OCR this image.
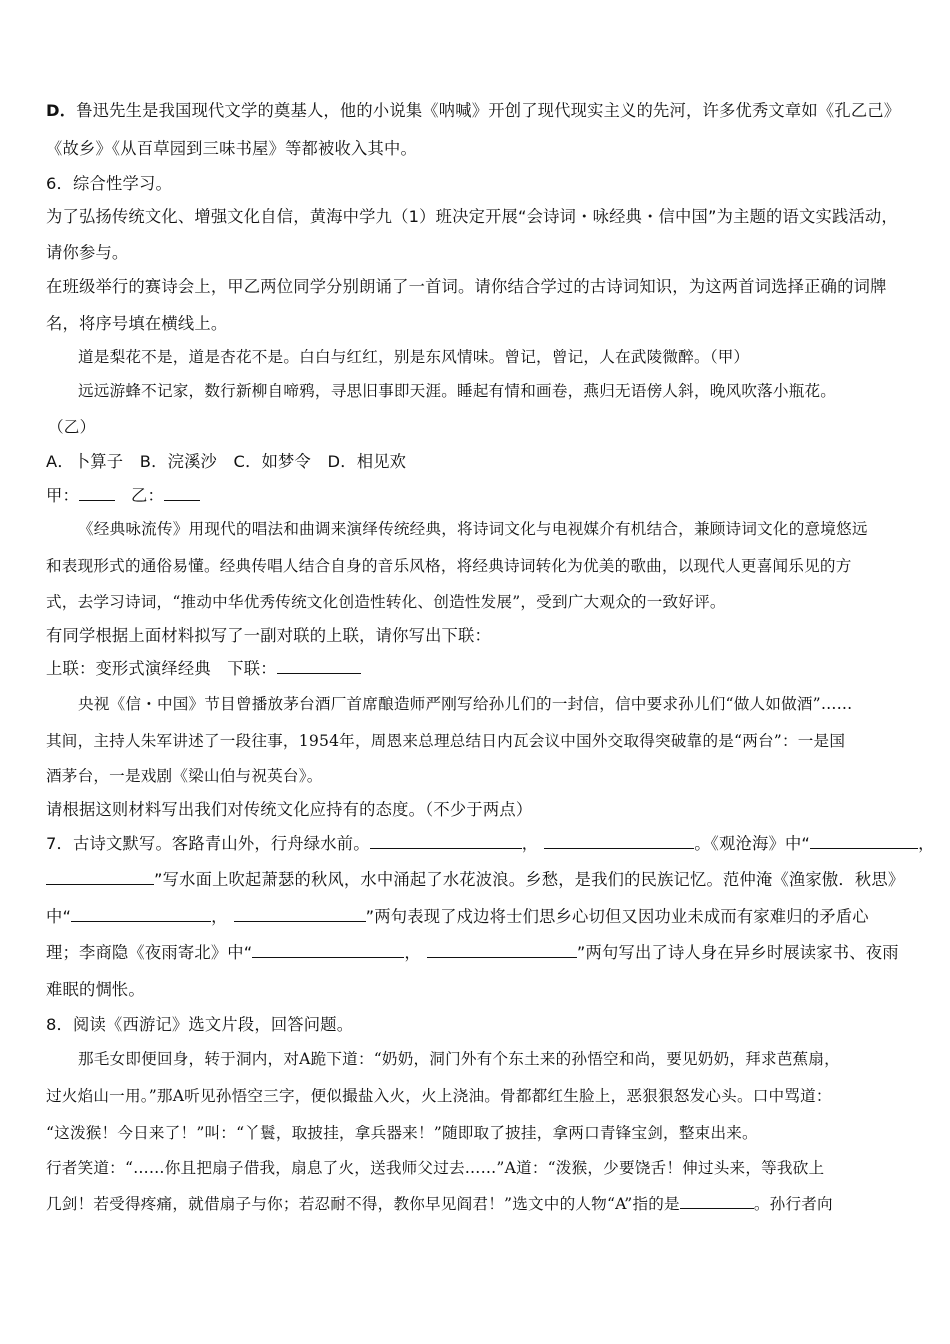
D．鲁迅先生是我国现代文学的奠基人，他的小说集《呐喊》开创了现代现实主义的先河，许多优秀文章如《孔乙己》
《故乡》《从百草园到三味书屋》等都被收入其中。
6．综合性学习。
为了弘扬传统文化、增强文化自信，黄海中学九（1）班决定开展“会诗词・咏经典・信中国”为主题的语文实践活动，
请你参与。
在班级举行的赛诗会上，甲乙两位同学分别朗诵了一首词。请你结合学过的古诗词知识，为这两首词选择正确的词牌
名，将序号填在横线上。
道是梨花不是，道是杏花不是。白白与红红，别是东风情味。曾记，曾记，人在武陵微醉。（甲）
远远游蜂不记家，数行新柳自啼鸦，寻思旧事即天涯。睡起有情和画卷，燕归无语傍人斜，晚风吹落小瓶花。
（乙）
A．卜算子　B．浣溪沙　C．如梦令　D．相见欢
甲：	乙：
《经典咏流传》用现代的唱法和曲调来演绎传统经典，将诗词文化与电视媒介有机结合，兼顾诗词文化的意境悠远
和表现形式的通俗易懂。经典传唱人结合自身的音乐风格，将经典诗词转化为优美的歌曲，以现代人更喜闻乐见的方
式，去学习诗词，“推动中华优秀传统文化创造性转化、创造性发展”，受到广大观众的一致好评。
有同学根据上面材料拟写了一副对联的上联，请你写出下联：
上联：变形式演绎经典　下联：
央视《信・中国》节目曾播放茅台酒厂首席酿造师严刚写给孙儿们的一封信，信中要求孙儿们“做人如做酒”……
其间，主持人朱军讲述了一段往事，1954年，周恩来总理总结日内瓦会议中国外交取得突破靠的是“两台”：一是国
酒茅台，一是戏剧《梁山伯与祝英台》。
请根据这则材料写出我们对传统文化应持有的态度。（不少于两点）
7．古诗文默写。客路青山外，行舟绿水前。	，	。《观沧海》中“	，
”写水面上吹起萧瑟的秋风，水中涌起了水花波浪。乡愁，是我们的民族记忆。范仲淹《渔家傲．秋思》
中“	，	”两句表现了戍边将士们思乡心切但又因功业未成而有家难归的矛盾心
理；李商隐《夜雨寄北》中“	，	”两句写出了诗人身在异乡时展读家书、夜雨
难眠的惆怅。
8．阅读《西游记》选文片段，回答问题。
那毛女即便回身，转于洞内，对A跪下道：“奶奶，洞门外有个东土来的孙悟空和尚，要见奶奶，拜求芭蕉扇，
过火焰山一用。”那A听见孙悟空三字，便似撮盐入火，火上浇油。骨都都红生脸上，恶狠狠怒发心头。口中骂道：
“这泼猴！今日来了！”叫：“丫鬟，取披挂，拿兵器来！”随即取了披挂，拿两口青锋宝剑，整束出来。
行者笑道：“……你且把扇子借我，扇息了火，送我师父过去……”A道：“泼猴，少要饶舌！伸过头来，等我砍上
几剑！若受得疼痛，就借扇子与你；若忍耐不得，教你早见阎君！”选文中的人物“A”指的是	。孙行者向
